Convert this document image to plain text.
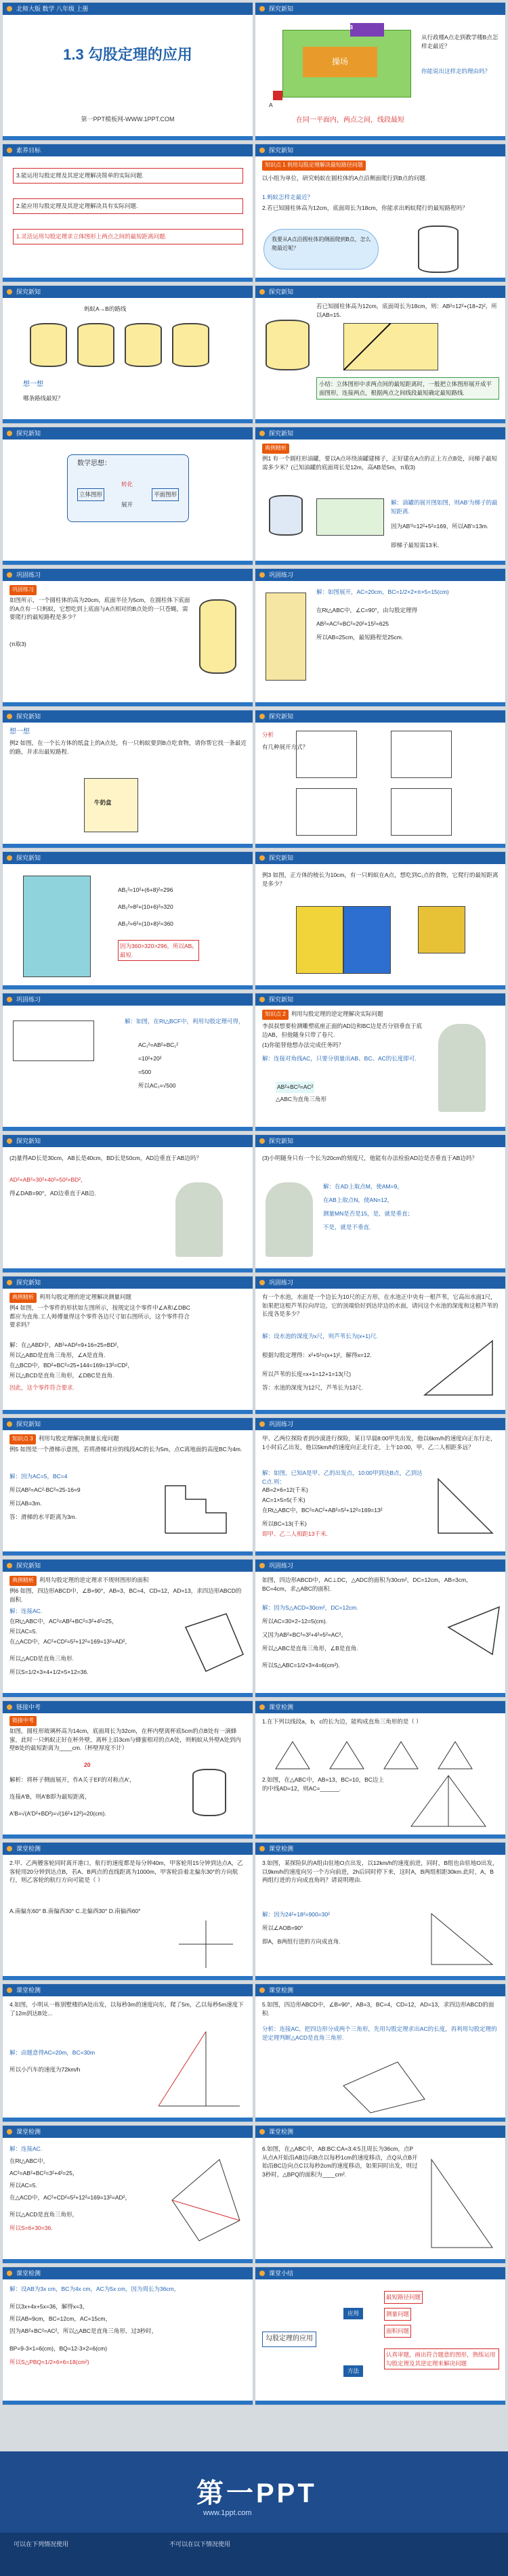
北师大版 数学 八年级 上册
1.3 勾股定理的应用
第一PPT模板网-WWW.1PPT.COM
探究新知
操场
B
A
从行政楼A点走到教学楼B点怎样走最近？
你能说出这样走的理由吗？
在同一平面内，两点之间，线段最短
素养目标
3.能运用勾股定理及其逆定理解决简单的实际问题.
2.能应用勾股定理及其逆定理解决具有实际问题.
1.灵活运用勾股定理求立体图形上两点之间的最短距离问题.
探究新知
知识点 1 利用勾股定理解决最短路径问题
以小组为单位，研究蚂蚁在圆柱体的A点沿侧面爬行到B点的问题.
1.蚂蚁怎样走最近？
2.若已知圆柱体高为12cm，底面周长为18cm，你能求出蚂蚁爬行的最短路程吗？
我要从A点沿圆柱体的侧面爬到B点，怎么爬最近呢？
探究新知
蚂蚁A→B的路线
想一想
哪条路线最短？
探究新知
若已知圆柱体高为12cm，底面周长为18cm，则：AB²=12²+(18÷2)²，所以AB=15.
小结：立体图形中求两点间的最短距离时，一般把立体图形展开成平面图形，连接两点，根据两点之间线段最短确定最短路线.
探究新知
数学思想：
立体图形	平面图形
转化
展开
探究新知
典例精析
例1 有一个圆柱形油罐，要以A点环绕油罐建梯子，正好建在A点的正上方点B处，问梯子最短需多少米？(已知油罐的底面周长是12m，高AB是5m，π取3)
解：油罐的展开图如图，则AB'为梯子的最短距离.
因为AB'²=12²+5²=169，所以AB'=13m.
即梯子最短需13米.
巩固练习
巩固练习
如图所示，一个圆柱体的高为20cm，底面半径为5cm，在圆柱体下底面的A点有一只蚂蚁，它想吃到上底面与A点相对的B点处的一只苍蝇，需要爬行的最短路程是多少？
(π取3)
巩固练习
解：如图展开，AC=20cm，BC=1/2×2×π×5=15(cm)
在Rt△ABC中，∠C=90°，由勾股定理得
AB²=AC²+BC²=20²+15²=625
所以AB=25cm，最短路程是25cm.
探究新知
想一想
例2 如图，在一个长方体的纸盒上的A点处，有一只蚂蚁要到B点吃食物，请你帮它找一条最近的路，并求出最短路程.
牛奶盒
探究新知
分析
有几种展开方式？
探究新知
AB₁²=10²+(6+8)²=296
AB₂²=8²+(10+6)²=320
AB₃²=6²+(10+8)²=360
因为360>320>296，所以AB₁最短.
探究新知
例3 如图，正方体的棱长为10cm，有一只蚂蚁在A点，想吃到C₁点的食物，它爬行的最短距离是多少？
巩固练习
解：如图，在Rt△BCF中，利用勾股定理可得，
AC₁²=AB²+BC₁²
=10²+20²
=500
所以AC₁=√500
探究新知
知识点 2 利用勾股定理的逆定理解决实际问题
李叔叔想要检测雕塑底座正面的AD边和BC边是否分别垂直于底边AB，但他随身只带了卷尺.
(1)你能替他想办法完成任务吗？
解：连接对角线AC，只要分别量出AB、BC、AC的长度即可.
AB²+BC²=AC²
△ABC为直角三角形
探究新知
(2)量得AD长是30cm，AB长是40cm，BD长是50cm，AD边垂直于AB边吗？
AD²+AB²=30²+40²=50²=BD²，
得∠DAB=90°，AD边垂直于AB边.
探究新知
(3)小明随身只有一个长为20cm的刻度尺，他能有办法检验AD边是否垂直于AB边吗？
解：在AD上取点M，使AM=9，
在AB上取点N，使AN=12，
测量MN是否是15，是，就是垂直；
不是，就是不垂直.
探究新知
典例精析 利用勾股定理的逆定理解决测量问题
例4 如图，一个零件的形状如左图所示，按规定这个零件中∠A和∠DBC都应为直角.工人师傅量得这个零件各边尺寸如右图所示，这个零件符合要求吗？
解：在△ABD中，AB²+AD²=9+16=25=BD²，
所以△ABD是直角三角形，∠A是直角.
在△BCD中，BD²+BC²=25+144=169=13²=CD²，
所以△BCD是直角三角形，∠DBC是直角.
因此，这个零件符合要求.
巩固练习
有一个水池，水面是一个边长为10尺的正方形，在水池正中央有一根芦苇，它高出水面1尺，如果把这根芦苇拉向岸边，它的顶端恰好到达岸边的水面，请问这个水池的深度和这根芦苇的长度各是多少？
解：设水池的深度为x尺，则芦苇长为(x+1)尺.
根据勾股定理得：x²+5²=(x+1)²，解得x=12.
所以芦苇的长度=x+1=12+1=13(尺)
答：水池的深度为12尺，芦苇长为13尺.
探究新知
知识点 3 利用勾股定理解决测量长度问题
例5 如图是一个滑梯示意图，若将滑梯对应的线段AC的长为5m，点C离地面的高度BC为4m.
解：因为AC=5，BC=4
所以AB²=AC²-BC²=25-16=9
所以AB=3m.
答：滑梯的水平距离为3m.
巩固练习
甲、乙两位探险者到沙漠进行探险，某日早晨8:00甲先出发，他以6km/h的速度向正东行走，1小时后乙出发，他以5km/h的速度向正北行走，上午10:00，甲、乙二人相距多远？
解：如图，已知A是甲、乙的出发点，10:00甲到达B点，乙到达C点.则：
AB=2×6=12(千米)
AC=1×5=5(千米)
在Rt△ABC中，BC²=AC²+AB²=5²+12²=169=13²
所以BC=13(千米)
即甲、乙二人相距13千米.
探究新知
典例精析 利用勾股定理的逆定理求不规则图形的面积
例6 如图，四边形ABCD中，∠B=90°，AB=3，BC=4，CD=12，AD=13，求四边形ABCD的面积.
解：连接AC.
在Rt△ABC中，AC²=AB²+BC²=3²+4²=25，
所以AC=5.
在△ACD中，AC²+CD²=5²+12²=169=13²=AD²，
所以△ACD是直角三角形.
所以S=1/2×3×4+1/2×5×12=36.
巩固练习
如图，四边形ABCD中，AC⊥DC，△ADC的面积为30cm²，DC=12cm，AB=3cm，BC=4cm，求△ABC的面积.
解：因为S△ACD=30cm²，DC=12cm.
所以AC=30×2÷12=5(cm).
又因为AB²+BC²=3²+4²=5²=AC²，
所以△ABC是直角三角形，∠B是直角.
所以S△ABC=1/2×3×4=6(cm²).
链接中考
链接中考
如图，圆柱形玻璃杯高为14cm，底面周长为32cm，在杯内壁离杯底5cm的点B处有一滴蜂蜜，此时一只蚂蚁正好在杯外壁，离杯上沿3cm与蜂蜜相对的点A处，则蚂蚁从外壁A处到内壁B处的最短距离为____cm.（杯壁厚度不计）
20
解析：将杯子侧面展开，作A关于EF的对称点A'，
连接A'B，则A'B即为最短距离，
A'B=√(A'D²+BD²)=√(16²+12²)=20(cm).
课堂检测
1.在下列以线段a，b，c的长为边，能构成直角三角形的是（ ）
2.如图，在△ABC中，AB=13，BC=10，BC边上的中线AD=12，则AC=______.
课堂检测
2.甲、乙两艘客轮同时离开港口，航行的速度都是每分钟40m，甲客轮用15分钟到达点A，乙客轮用20分钟到达点B，若A、B两点的直线距离为1000m，甲客轮沿着北偏东30°的方向航行，则乙客轮的航行方向可能是（ ）
A.南偏东60° B.南偏西30° C.北偏西30° D.南偏西60°
课堂检测
3.如图，某探险队的A组由驻地O点出发，以12km/h的速度前进，同时，B组也由驻地O出发，以9km/h的速度向另一个方向前进，2h后同时停下来，这时A，B两组相距30km.此时，A，B两组行进的方向成直角吗？请说明理由.
解：因为24²+18²=900=30²
所以∠AOB=90°
即A，B两组行进的方向成直角.
课堂检测
4.如图，小明从一栋别墅楼的A处出发，以每秒3m的速度向东，爬了5m，乙以每秒5m速度下了12m到达B处...
解：由题意得AC=20m，BC=30m
所以小汽车的速度为72km/h
课堂检测
5.如图，四边形ABCD中，∠B=90°，AB=3，BC=4，CD=12，AD=13，求四边形ABCD的面积.
分析：连接AC，把四边形分成两个三角形，先用勾股定理求出AC的长度，再利用勾股定理的逆定理判断△ACD是直角三角形.
课堂检测
解：连接AC.
在Rt△ABC中，
AC²=AB²+BC²=3²+4²=25，
所以AC=5.
在△ACD中，AC²+CD²=5²+12²=169=13²=AD²，
所以△ACD是直角三角形，
所以S=6+30=36.
课堂检测
6.如图，在△ABC中，AB:BC:CA=3:4:5且周长为36cm，点P从点A开始沿AB边向B点以每秒1cm的速度移动，点Q从点B开始沿BC边向点C以每秒2cm的速度移动，如果同时出发，则过3秒时，△BPQ的面积为____cm².
课堂检测
解：设AB为3x cm，BC为4x cm，AC为5x cm，因为周长为36cm，
所以3x+4x+5x=36，解得x=3，
所以AB=9cm，BC=12cm，AC=15cm，
因为AB²+BC²=AC²，所以△ABC是直角三角形，过3秒时，
BP=9-3×1=6(cm)，BQ=12-3×2=6(cm)
所以S△PBQ=1/2×6×6=18(cm²)
课堂小结
勾股定理的应用
应用
方法
最短路径问题
测量问题
面积问题
认真审题，画出符合题意的图形，熟练运用勾股定理及其逆定理来解决问题
第一PPT
www.1ppt.com
可以在下列情况使用	不可以在以下情况使用
